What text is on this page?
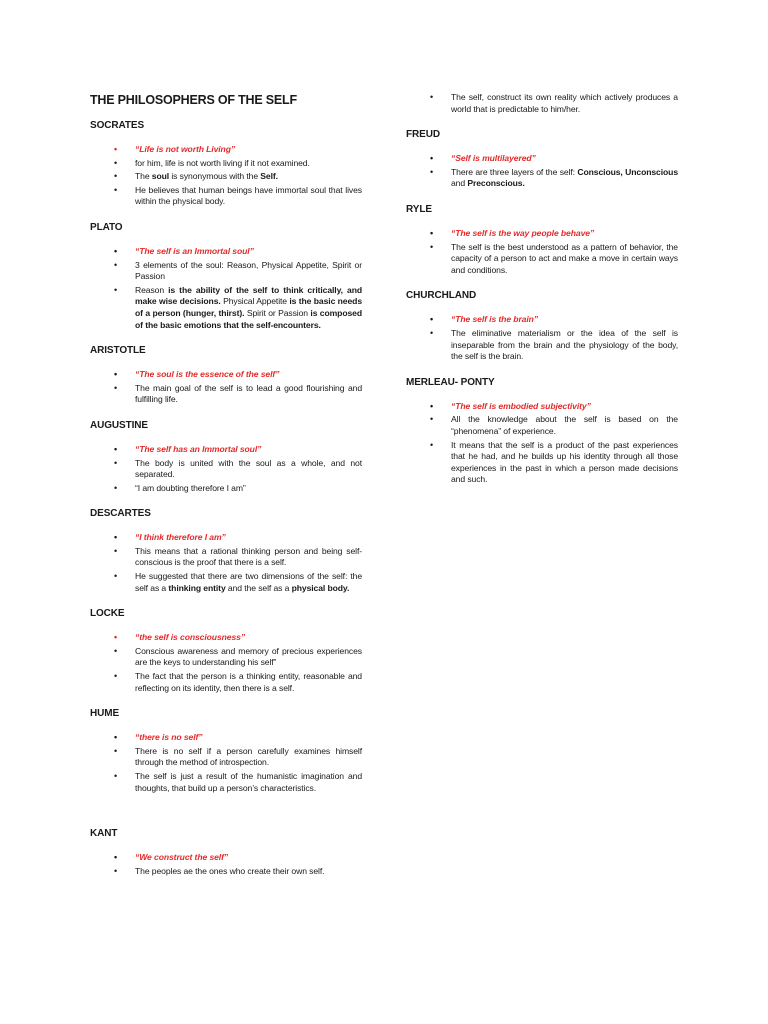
THE PHILOSOPHERS OF THE SELF
SOCRATES
• “Life is not worth Living”
• for him, life is not worth living if it not examined.
• The soul is synonymous with the Self.
• He believes that human beings have immortal soul that lives within the physical body.
PLATO
• “The self is an Immortal soul”
• 3 elements of the soul: Reason, Physical Appetite, Spirit or Passion
• Reason is the ability of the self to think critically, and make wise decisions. Physical Appetite is the basic needs of a person (hunger, thirst). Spirit or Passion is composed of the basic emotions that the self-encounters.
ARISTOTLE
• “The soul is the essence of the self”
• The main goal of the self is to lead a good flourishing and fulfilling life.
AUGUSTINE
• “The self has an Immortal soul”
• The body is united with the soul as a whole, and not separated.
• “I am doubting therefore I am”
DESCARTES
• “I think therefore I am”
• This means that a rational thinking person and being self-conscious is the proof that there is a self.
• He suggested that there are two dimensions of the self: the self as a thinking entity and the self as a physical body.
LOCKE
• “the self is consciousness”
• Conscious awareness and memory of precious experiences are the keys to understanding his self”
• The fact that the person is a thinking entity, reasonable and reflecting on its identity, then there is a self.
HUME
• “there is no self”
• There is no self if a person carefully examines himself through the method of introspection.
• The self is just a result of the humanistic imagination and thoughts, that build up a person’s characteristics.
KANT
• “We construct the self”
• The peoples ae the ones who create their own self.
• The self, construct its own reality which actively produces a world that is predictable to him/her.
FREUD
• “Self is multilayered”
• There are three layers of the self: Conscious, Unconscious and Preconscious.
RYLE
• “The self is the way people behave”
• The self is the best understood as a pattern of behavior, the capacity of a person to act and make a move in certain ways and conditions.
CHURCHLAND
• “The self is the brain”
• The eliminative materialism or the idea of the self is inseparable from the brain and the physiology of the body, the self is the brain.
MERLEAU- PONTY
• “The self is embodied subjectivity”
• All the knowledge about the self is based on the “phenomena” of experience.
• It means that the self is a product of the past experiences that he had, and he builds up his identity through all those experiences in the past in which a person made decisions and such.
